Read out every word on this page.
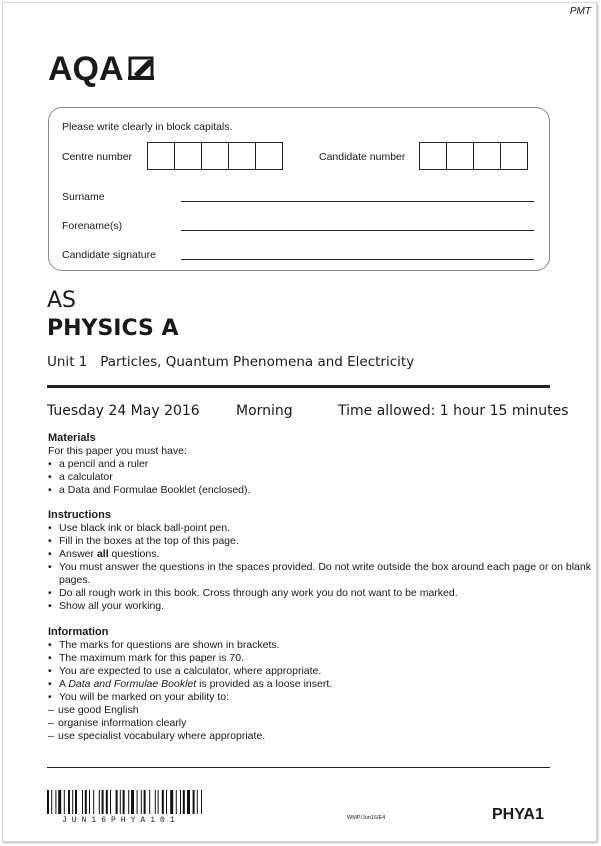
PMT
AQA
Please write clearly in block capitals.
Centre number	Candidate number
Surname
Forename(s)
Candidate signature
AS
PHYSICS A
Unit 1 Particles, Quantum Phenomena and Electricity
Tuesday 24 May 2016	Morning	Time allowed: 1 hour 15 minutes
Materials
For this paper you must have:
• a pencil and a ruler
• a calculator
• a Data and Formulae Booklet (enclosed).
Instructions
• Use black ink or black ball-point pen.
• Fill in the boxes at the top of this page.
• Answer all questions.
• You must answer the questions in the spaces provided. Do not write outside the box around each page or on blank pages.
• Do all rough work in this book. Cross through any work you do not want to be marked.
• Show all your working.
Information
• The marks for questions are shown in brackets.
• The maximum mark for this paper is 70.
• You are expected to use a calculator, where appropriate.
• A Data and Formulae Booklet is provided as a loose insert.
• You will be marked on your ability to:
– use good English
– organise information clearly
– use specialist vocabulary where appropriate.
JUN16PHYA101	WMP/Jun16/E4	PHYA1
